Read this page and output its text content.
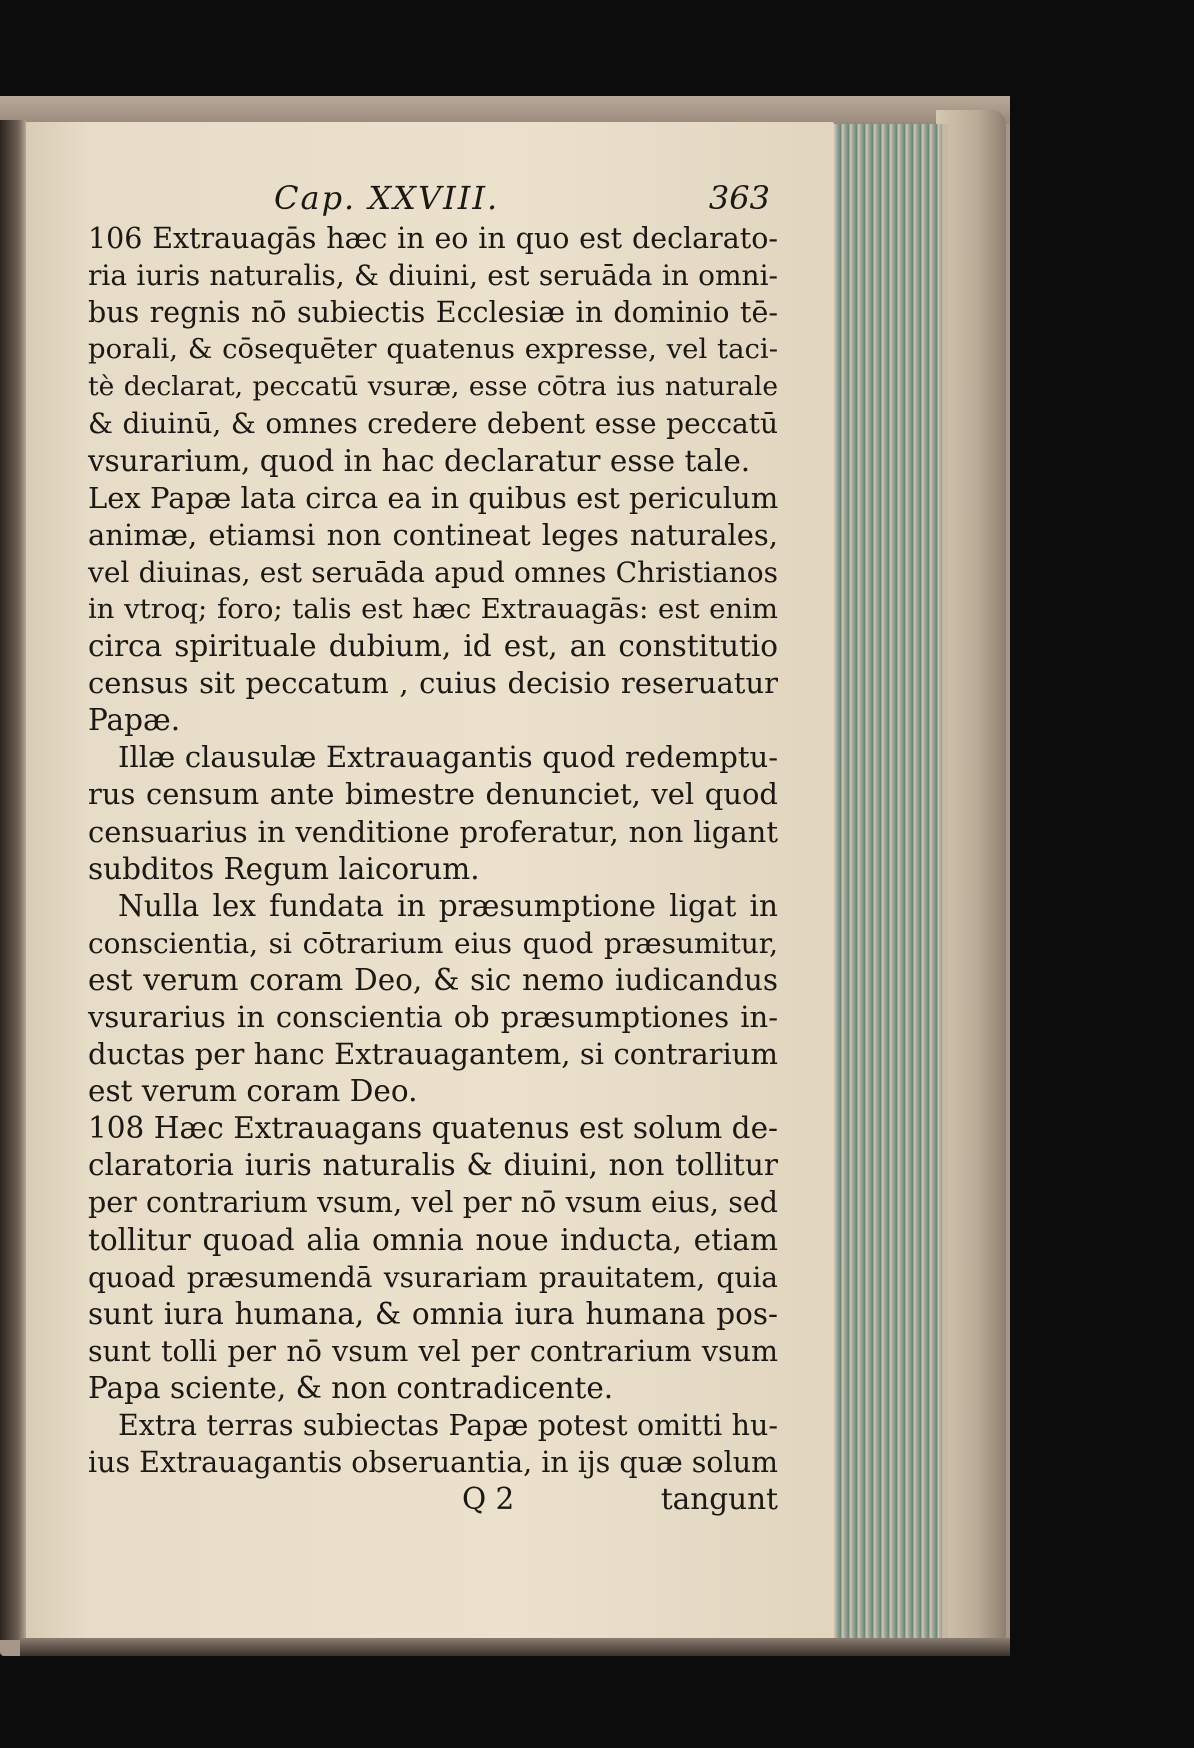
Cap. XXVIII.	363
106 Extrauagās hæc in eo in quo est declarato-
ria iuris naturalis, & diuini, est seruāda in omni-
bus regnis nō subiectis Ecclesiæ in dominio tē-
porali, & cōsequēter quatenus expresse, vel taci-
tè declarat, peccatū vsuræ, esse cōtra ius naturale
& diuinū, & omnes credere debent esse peccatū
vsurarium, quod in hac declaratur esse tale.
Lex Papæ lata circa ea in quibus est periculum
animæ, etiamsi non contineat leges naturales,
vel diuinas, est seruāda apud omnes Christianos
in vtroq; foro; talis est hæc Extrauagās: est enim
circa spirituale dubium, id est, an constitutio
census sit peccatum , cuius decisio reseruatur
Papæ.
Illæ clausulæ Extrauagantis quod redemptu-
rus censum ante bimestre denunciet, vel quod
censuarius in venditione proferatur, non ligant
subditos Regum laicorum.
Nulla lex fundata in præsumptione ligat in
conscientia, si cōtrarium eius quod præsumitur,
est verum coram Deo, & sic nemo iudicandus
vsurarius in conscientia ob præsumptiones in-
ductas per hanc Extrauagantem, si contrarium
est verum coram Deo.
108 Hæc Extrauagans quatenus est solum de-
claratoria iuris naturalis & diuini, non tollitur
per contrarium vsum, vel per nō vsum eius, sed
tollitur quoad alia omnia noue inducta, etiam
quoad præsumendā vsurariam prauitatem, quia
sunt iura humana, & omnia iura humana pos-
sunt tolli per nō vsum vel per contrarium vsum
Papa sciente, & non contradicente.
Extra terras subiectas Papæ potest omitti hu-
ius Extrauagantis obseruantia, in ijs quæ solum
Q 2	tangunt
